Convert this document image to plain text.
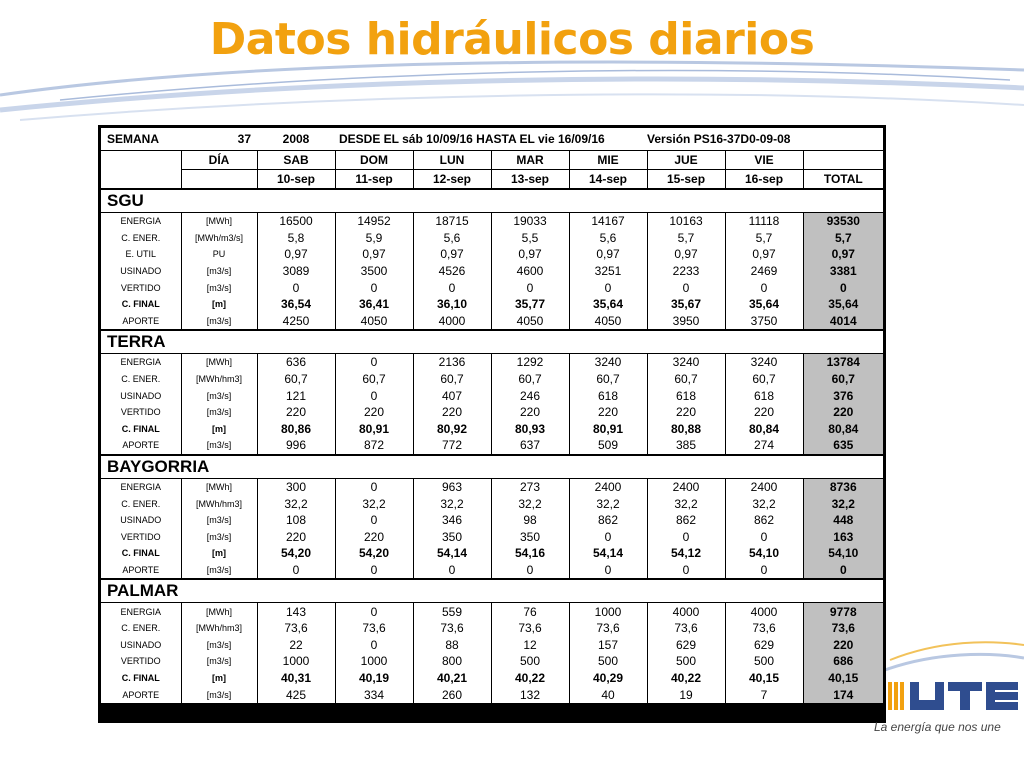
Datos hidráulicos diarios
SEMANA	37	2008	DESDE EL sáb 10/09/16 HASTA EL vie 16/09/16				Versión PS16-37D0-09-08		
	DÍA	SAB	DOM	LUN	MAR	MIE	JUE	VIE	
		10-sep	11-sep	12-sep	13-sep	14-sep	15-sep	16-sep	TOTAL
SGU									
ENERGIA	[MWh]	16500	14952	18715	19033	14167	10163	11118	93530
C. ENER.	[MWh/m3/s]	5,8	5,9	5,6	5,5	5,6	5,7	5,7	5,7
E. UTIL	PU	0,97	0,97	0,97	0,97	0,97	0,97	0,97	0,97
USINADO	[m3/s]	3089	3500	4526	4600	3251	2233	2469	3381
VERTIDO	[m3/s]	0	0	0	0	0	0	0	0
C. FINAL	[m]	36,54	36,41	36,10	35,77	35,64	35,67	35,64	35,64
APORTE	[m3/s]	4250	4050	4000	4050	4050	3950	3750	4014
TERRA									
ENERGIA	[MWh]	636	0	2136	1292	3240	3240	3240	13784
C. ENER.	[MWh/hm3]	60,7	60,7	60,7	60,7	60,7	60,7	60,7	60,7
USINADO	[m3/s]	121	0	407	246	618	618	618	376
VERTIDO	[m3/s]	220	220	220	220	220	220	220	220
C. FINAL	[m]	80,86	80,91	80,92	80,93	80,91	80,88	80,84	80,84
APORTE	[m3/s]	996	872	772	637	509	385	274	635
BAYGORRIA									
ENERGIA	[MWh]	300	0	963	273	2400	2400	2400	8736
C. ENER.	[MWh/hm3]	32,2	32,2	32,2	32,2	32,2	32,2	32,2	32,2
USINADO	[m3/s]	108	0	346	98	862	862	862	448
VERTIDO	[m3/s]	220	220	350	350	0	0	0	163
C. FINAL	[m]	54,20	54,20	54,14	54,16	54,14	54,12	54,10	54,10
APORTE	[m3/s]	0	0	0	0	0	0	0	0
PALMAR									
ENERGIA	[MWh]	143	0	559	76	1000	4000	4000	9778
C. ENER.	[MWh/hm3]	73,6	73,6	73,6	73,6	73,6	73,6	73,6	73,6
USINADO	[m3/s]	22	0	88	12	157	629	629	220
VERTIDO	[m3/s]	1000	1000	800	500	500	500	500	686
C. FINAL	[m]	40,31	40,19	40,21	40,22	40,29	40,22	40,15	40,15
APORTE	[m3/s]	425	334	260	132	40	19	7	174
La energía que nos une
